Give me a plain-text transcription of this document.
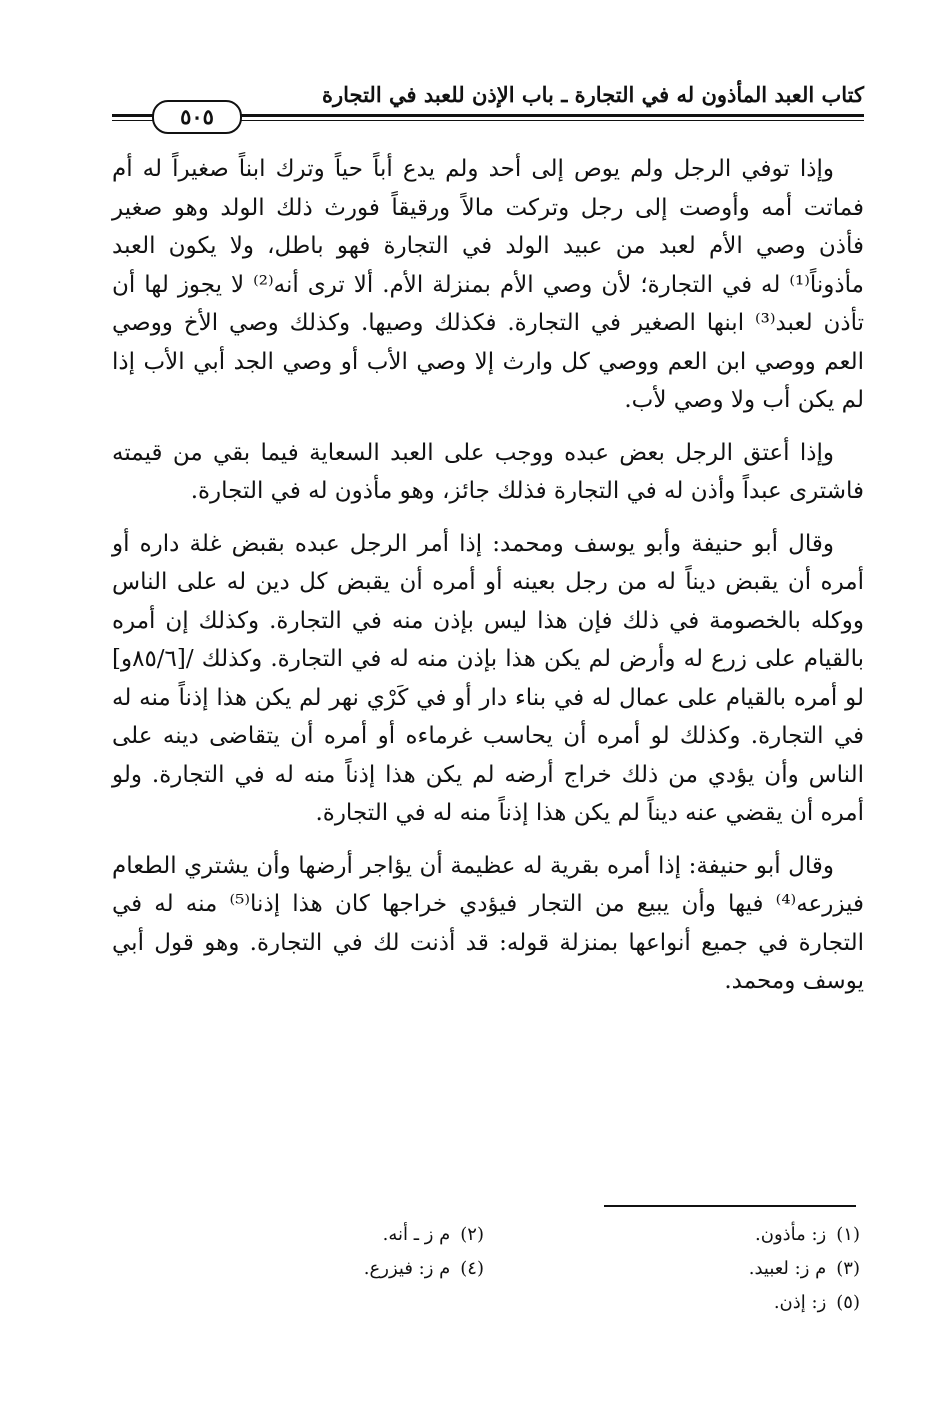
كتاب العبد المأذون له في التجارة ـ باب الإذن للعبد في التجارة
٥٠٥

وإذا توفي الرجل ولم يوص إلى أحد ولم يدع أباً حياً وترك ابناً صغيراً له أم فماتت أمه وأوصت إلى رجل وتركت مالاً ورقيقاً فورث ذلك الولد وهو صغير فأذن وصي الأم لعبد من عبيد الولد في التجارة فهو باطل، ولا يكون العبد مأذوناً⁽¹⁾ له في التجارة؛ لأن وصي الأم بمنزلة الأم. ألا ترى أنه⁽²⁾ لا يجوز لها أن تأذن لعبد⁽³⁾ ابنها الصغير في التجارة. فكذلك وصيها. وكذلك وصي الأخ ووصي العم ووصي ابن العم ووصي كل وارث إلا وصي الأب أو وصي الجد أبي الأب إذا لم يكن أب ولا وصي لأب.

وإذا أعتق الرجل بعض عبده ووجب على العبد السعاية فيما بقي من قيمته فاشترى عبداً وأذن له في التجارة فذلك جائز، وهو مأذون له في التجارة.

وقال أبو حنيفة وأبو يوسف ومحمد: إذا أمر الرجل عبده بقبض غلة داره أو أمره أن يقبض ديناً له من رجل بعينه أو أمره أن يقبض كل دين له على الناس ووكله بالخصومة في ذلك فإن هذا ليس بإذن منه في التجارة. وكذلك إن أمره بالقيام على زرع له وأرض لم يكن هذا بإذن منه له في التجارة. وكذلك /[٨٥/٦و] لو أمره بالقيام على عمال له في بناء دار أو في كَرْي نهر لم يكن هذا إذناً منه له في التجارة. وكذلك لو أمره أن يحاسب غرماءه أو أمره أن يتقاضى دينه على الناس وأن يؤدي من ذلك خراج أرضه لم يكن هذا إذناً منه له في التجارة. ولو أمره أن يقضي عنه ديناً لم يكن هذا إذناً منه له في التجارة.

وقال أبو حنيفة: إذا أمره بقرية له عظيمة أن يؤاجر أرضها وأن يشتري الطعام فيزرعه⁽⁴⁾ فيها وأن يبيع من التجار فيؤدي خراجها كان هذا إذنا⁽⁵⁾ منه له في التجارة في جميع أنواعها بمنزلة قوله: قد أذنت لك في التجارة. وهو قول أبي يوسف ومحمد.

(١)ز: مأذون.
(٢)م ز ـ أنه.
(٣)م ز: لعبيد.
(٤)م ز: فيزرع.
(٥)ز: إذن.
